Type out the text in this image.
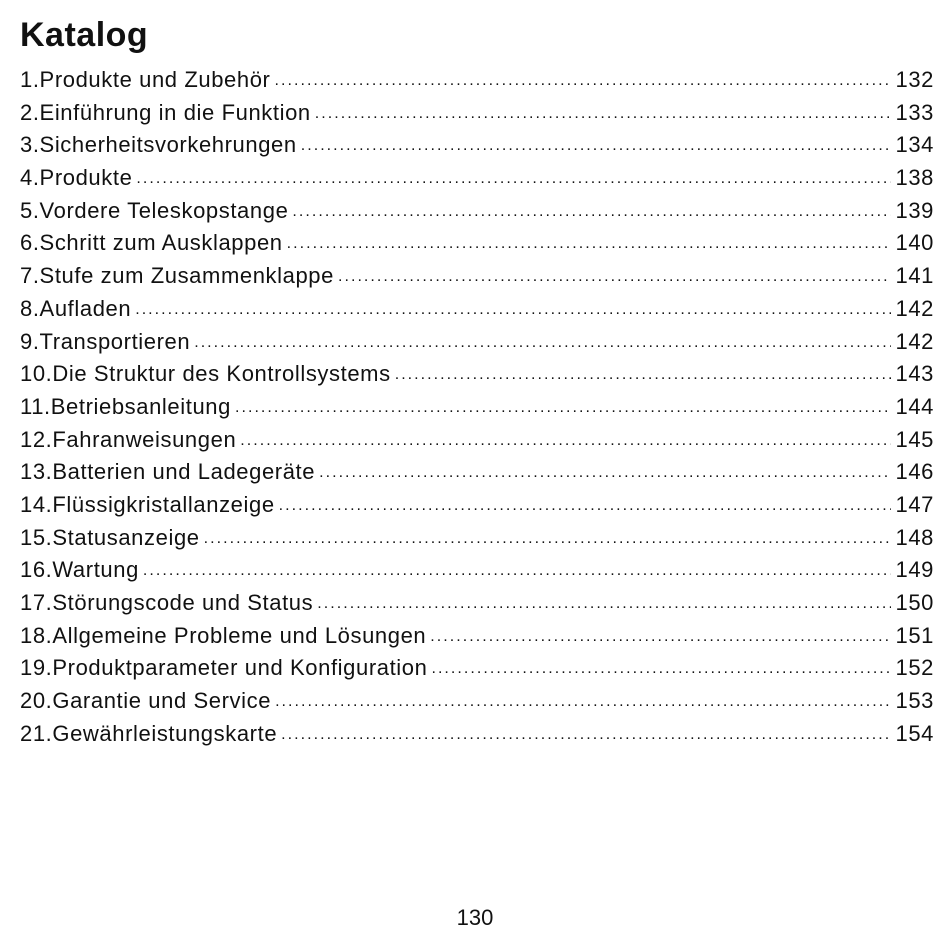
Katalog
1.Produkte und Zubehör . . .	132
2.Einführung in die Funktion . . .	133
3.Sicherheitsvorkehrungen . . .	134
4.Produkte . . .	138
5.Vordere Teleskopstange . . .	139
6.Schritt zum Ausklappen . . .	140
7.Stufe zum Zusammenklappe . . .	141
8.Aufladen . . .	142
9.Transportieren . . .	142
10.Die Struktur des Kontrollsystems . . .	143
11.Betriebsanleitung . . .	144
12.Fahranweisungen . . .	145
13.Batterien und Ladegeräte . . .	146
14.Flüssigkristallanzeige . . .	147
15.Statusanzeige . . .	148
16.Wartung . . .	149
17.Störungscode und Status . . .	150
18.Allgemeine Probleme und Lösungen . . .	151
19.Produktparameter und Konfiguration . . .	152
20.Garantie und Service . . .	153
21.Gewährleistungskarte . . .	154
130
